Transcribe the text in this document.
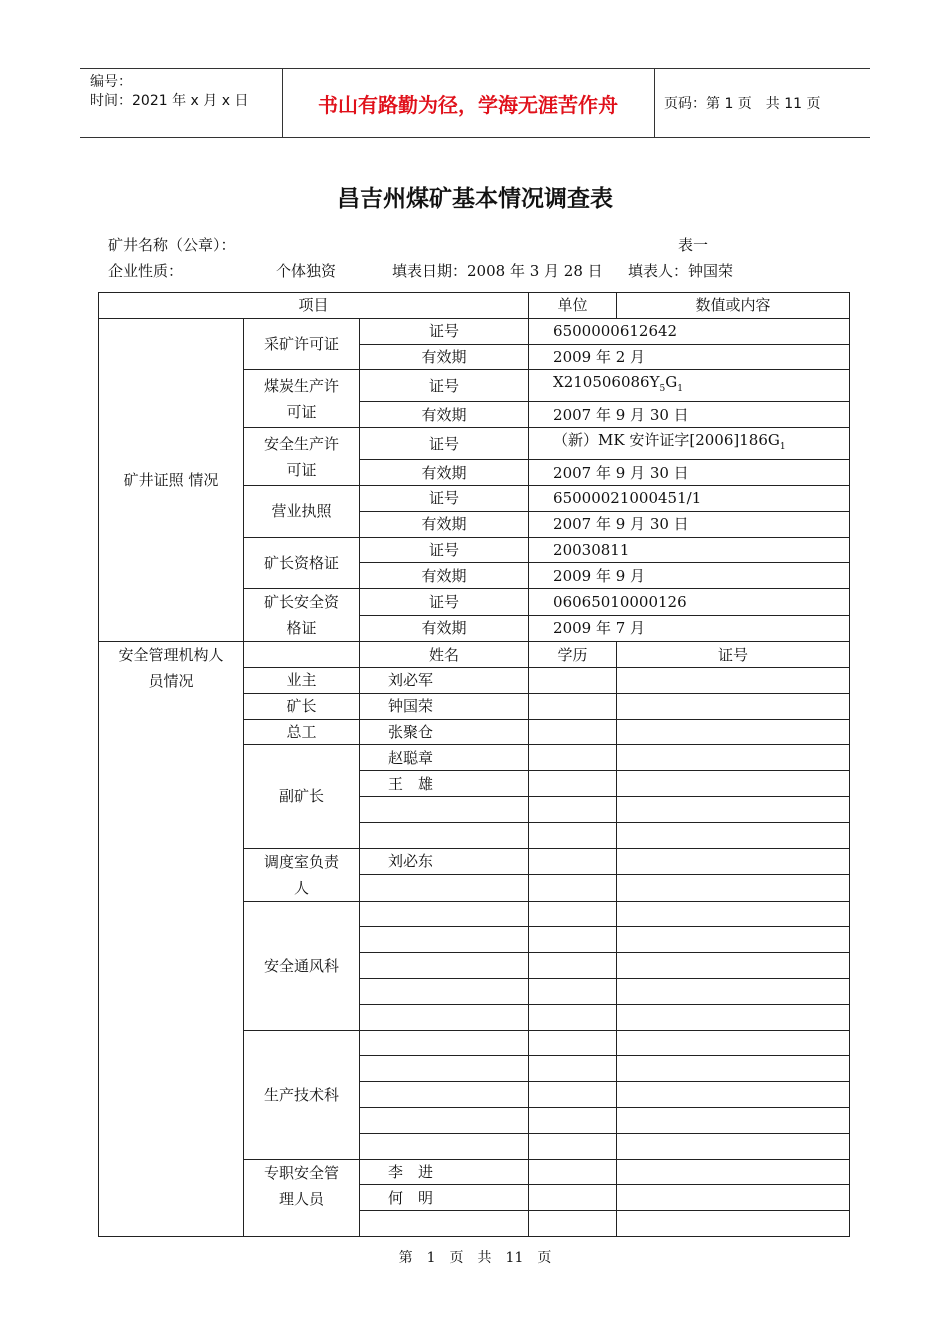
编号：
时间：2021 年 x 月 x 日	书山有路勤为径，学海无涯苦作舟	页码：第 1 页　共 11 页
昌吉州煤矿基本情况调查表
矿井名称（公章）：	表一
企业性质：	个体独资	填表日期：2008 年 3 月 28 日 填表人：钟国荣
项目			单位	数值或内容
矿井证照 情况	采矿许可证	证号	6500000612642	
		有效期	2009 年 2 月	
	煤炭生产许可证	证号	$X210506086Y_5G_1$
		有效期	2007 年 9 月 30 日	
	安全生产许可证	证号	（新）MK 安许证字$[2006]186G_1$
		有效期	2007 年 9 月 30 日	
	营业执照	证号	65000021000451/1	
		有效期	2007 年 9 月 30 日	
	矿长资格证	证号	20030811	
		有效期	2009 年 9 月	
	矿长安全资格证	证号	06065010000126	
		有效期	2009 年 7 月	
安全管理机构人员情况		姓名	学历	证号
	业主	刘必军		
	矿长	钟国荣		
	总工	张聚仓		
	副矿长	赵聪章		
		王　雄		

	调度室负责人	刘必东		

	安全通风科			

	生产技术科			

	专职安全管理人员	李　进		
		何　明		

第　1　页　共　11　页
